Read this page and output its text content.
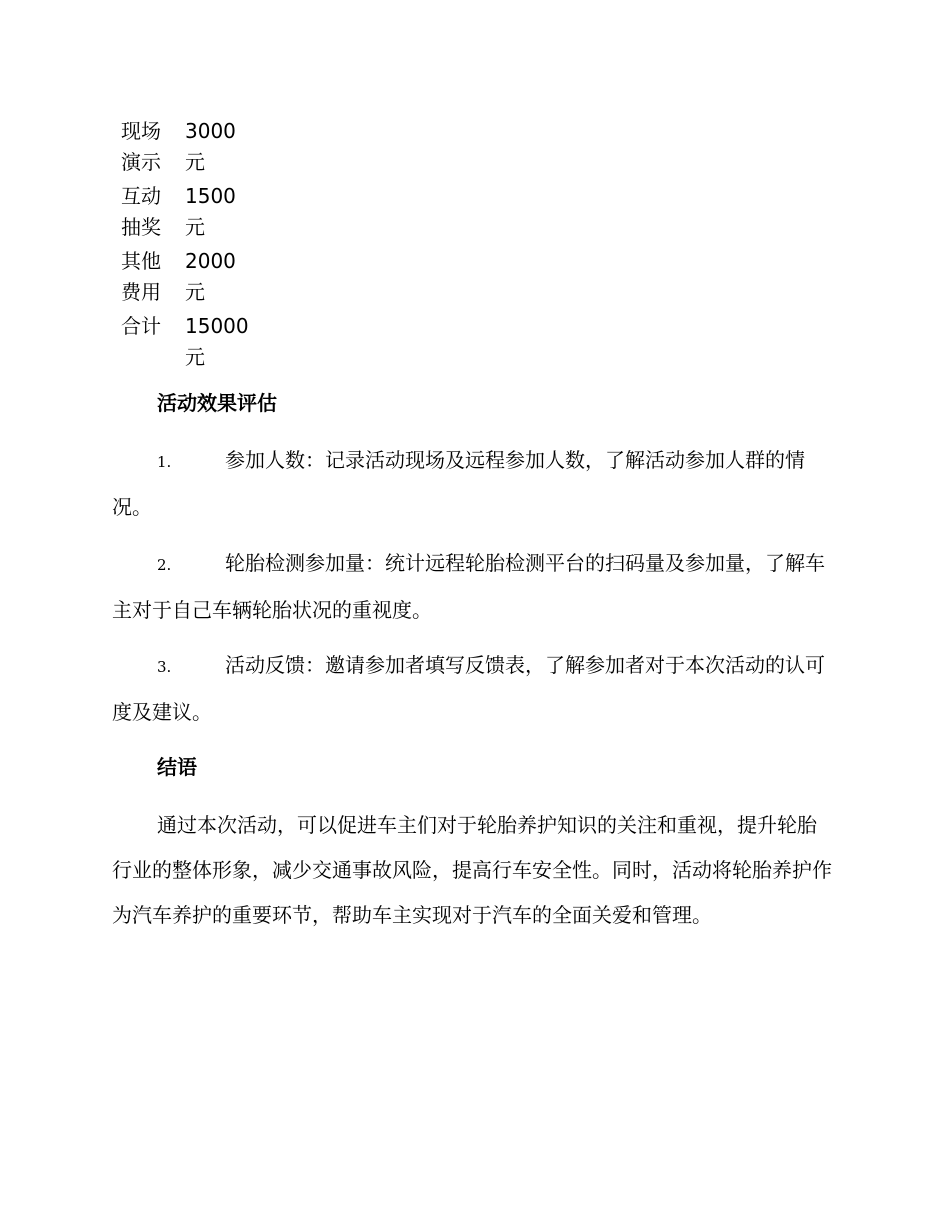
现场演示	3000元
互动抽奖	1500元
其他费用	2000元
合计	15000元
活动效果评估

1.	参加人数：记录活动现场及远程参加人数，了解活动参加人群的情况。

2.	轮胎检测参加量：统计远程轮胎检测平台的扫码量及参加量，了解车主对于自己车辆轮胎状况的重视度。

3.	活动反馈：邀请参加者填写反馈表，了解参加者对于本次活动的认可度及建议。

结语

通过本次活动，可以促进车主们对于轮胎养护知识的关注和重视，提升轮胎行业的整体形象，减少交通事故风险，提高行车安全性。同时，活动将轮胎养护作为汽车养护的重要环节，帮助车主实现对于汽车的全面关爱和管理。
